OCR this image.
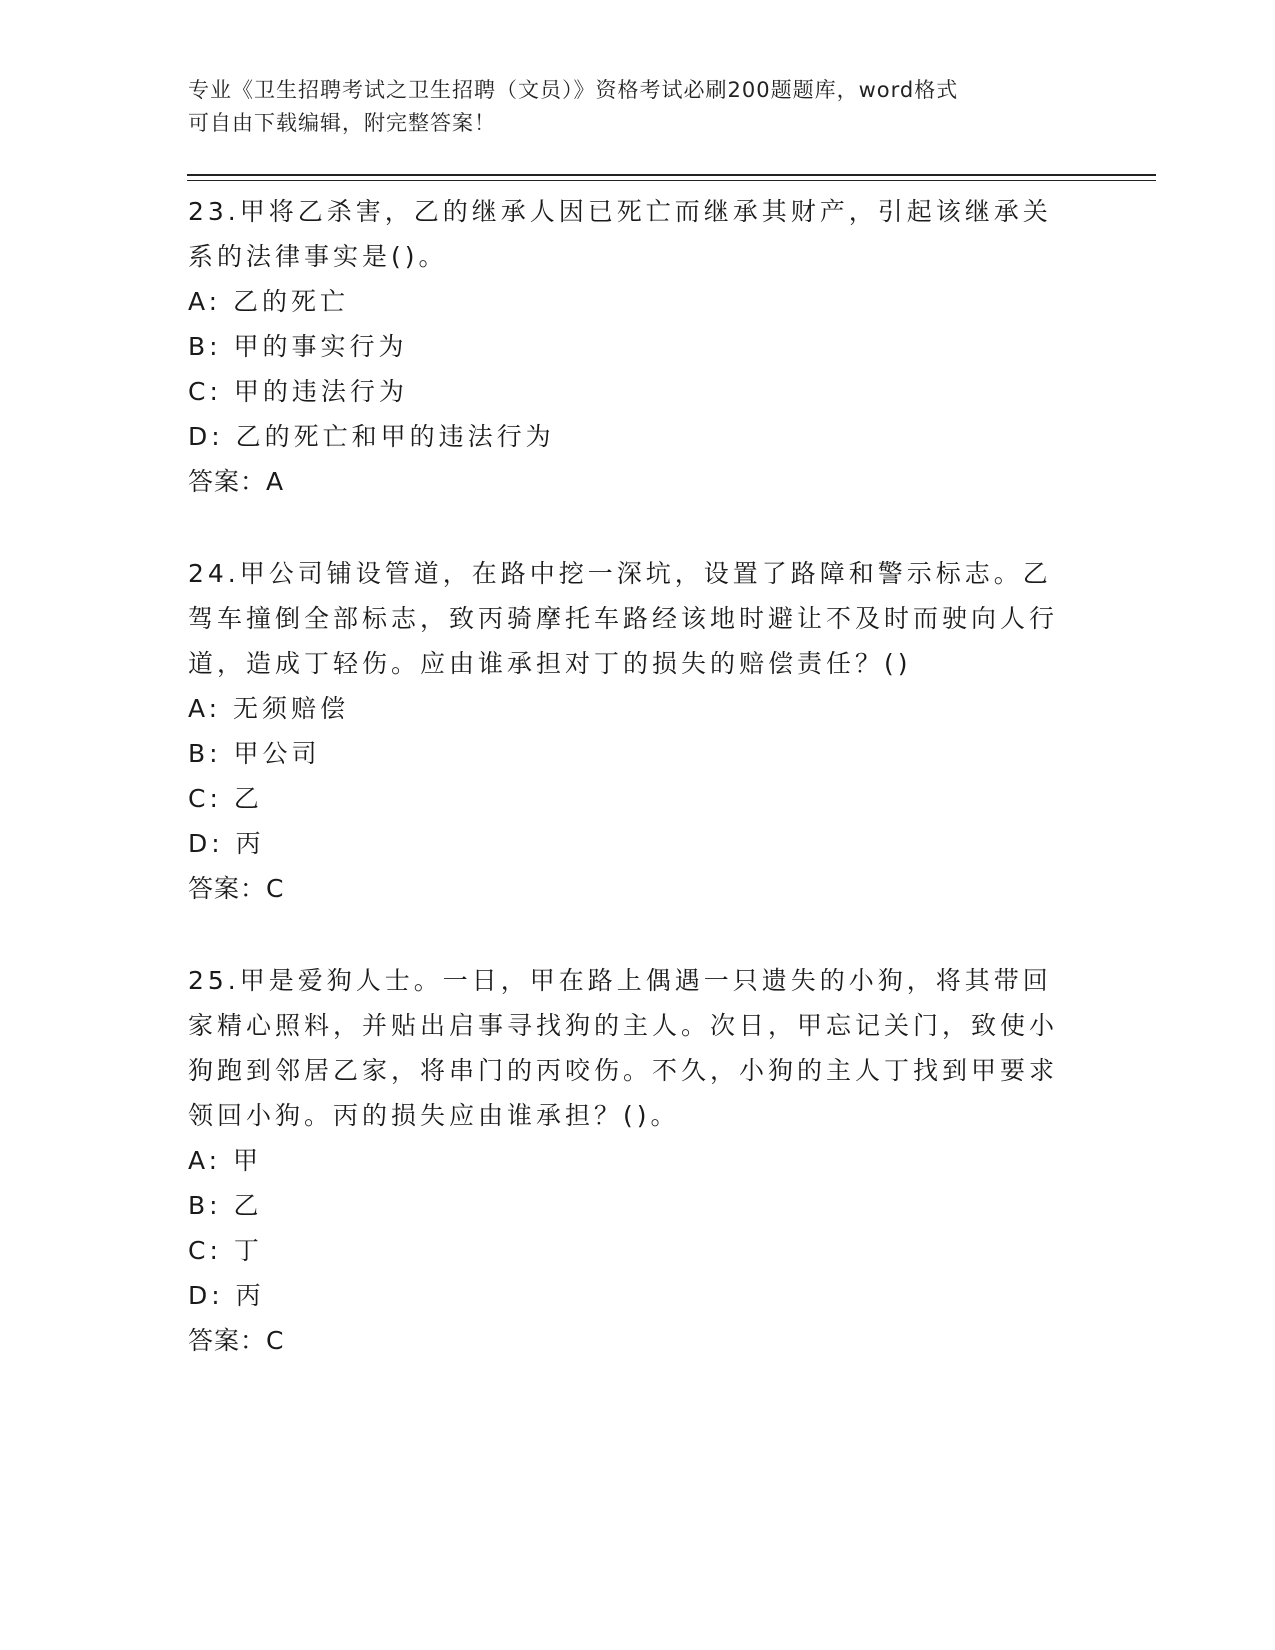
专业《卫生招聘考试之卫生招聘（文员）》资格考试必刷200题题库，word格式
可自由下载编辑，附完整答案！

23.甲将乙杀害，乙的继承人因已死亡而继承其财产，引起该继承关系的法律事实是()。

A: 乙的死亡
B: 甲的事实行为
C: 甲的违法行为
D: 乙的死亡和甲的违法行为

答案：A

24.甲公司铺设管道，在路中挖一深坑，设置了路障和警示标志。乙驾车撞倒全部标志，致丙骑摩托车路经该地时避让不及时而驶向人行道，造成丁轻伤。应由谁承担对丁的损失的赔偿责任？()

A: 无须赔偿
B: 甲公司
C: 乙
D: 丙

答案：C

25.甲是爱狗人士。一日，甲在路上偶遇一只遗失的小狗，将其带回家精心照料，并贴出启事寻找狗的主人。次日，甲忘记关门，致使小狗跑到邻居乙家，将串门的丙咬伤。不久，小狗的主人丁找到甲要求领回小狗。丙的损失应由谁承担？()。

A: 甲
B: 乙
C: 丁
D: 丙

答案：C
